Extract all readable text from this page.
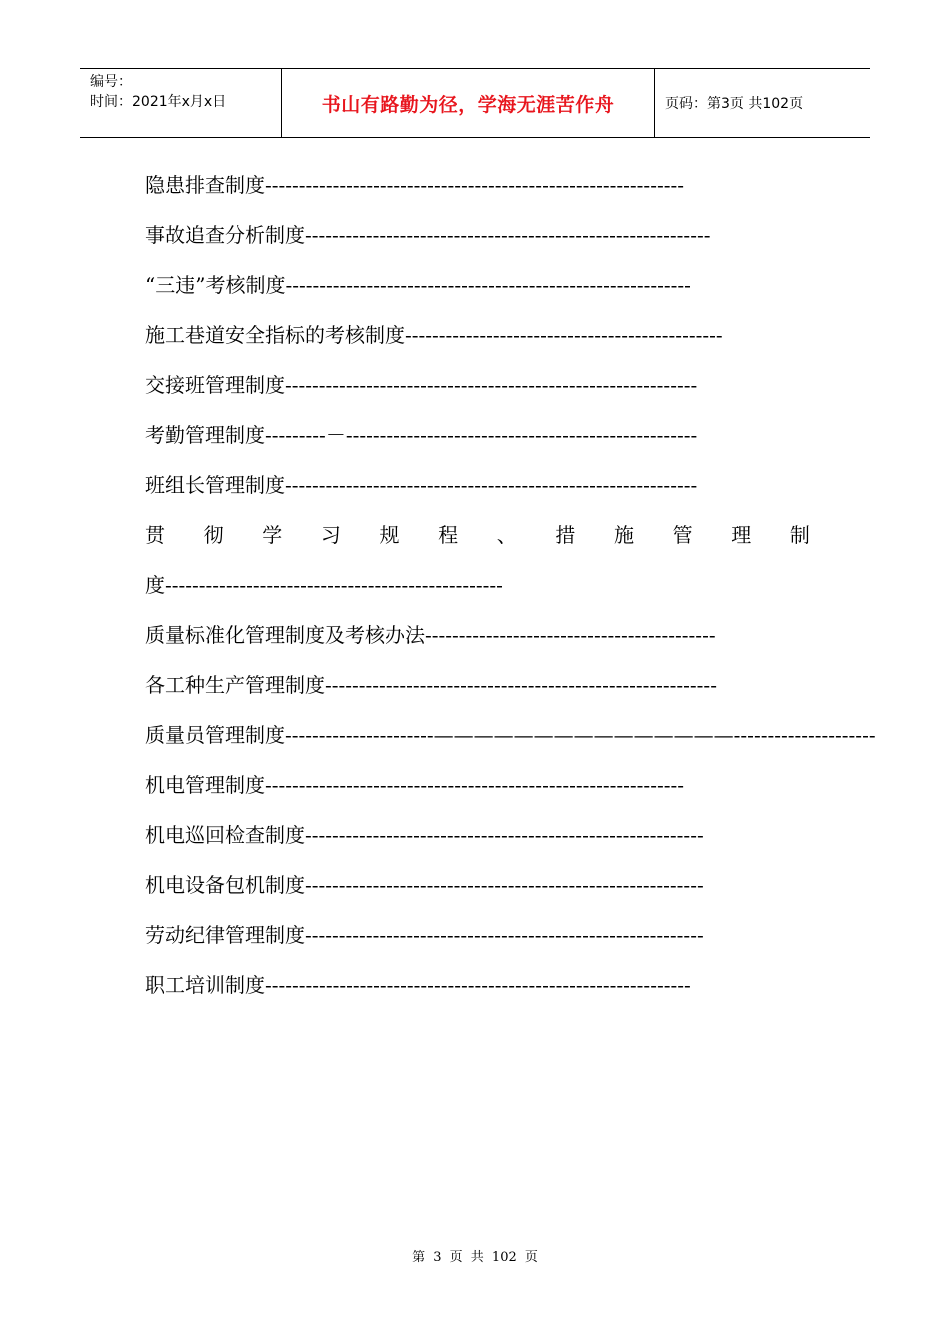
编号：
时间：2021年x月x日	书山有路勤为径，学海无涯苦作舟	页码：第3页 共102页
隐患排查制度--------------------------------------------------------------
事故追查分析制度------------------------------------------------------------
“三违”考核制度------------------------------------------------------------
施工巷道安全指标的考核制度-----------------------------------------------
交接班管理制度-------------------------------------------------------------
考勤管理制度---------－----------------------------------------------------
班组长管理制度-------------------------------------------------------------
贯 彻 学 习 规 程 、 措 施 管 理 制
度--------------------------------------------------
质量标准化管理制度及考核办法-------------------------------------------
各工种生产管理制度----------------------------------------------------------
质量员管理制度----------------------———————————————---------------------
机电管理制度--------------------------------------------------------------
机电巡回检查制度-----------------------------------------------------------
机电设备包机制度-----------------------------------------------------------
劳动纪律管理制度-----------------------------------------------------------
职工培训制度---------------------------------------------------------------
第 3 页 共 102 页
